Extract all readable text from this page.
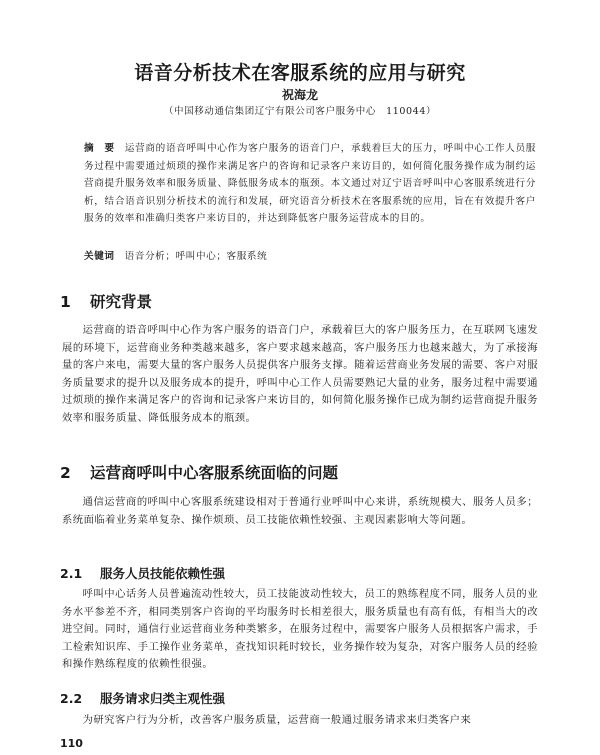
语音分析技术在客服系统的应用与研究

祝海龙

（中国移动通信集团辽宁有限公司客户服务中心　110044）

摘　要 运营商的语音呼叫中心作为客户服务的语音门户，承载着巨大的压力，呼叫中心工作人员服务过程中需要通过烦琐的操作来满足客户的咨询和记录客户来访目的，如何简化服务操作成为制约运营商提升服务效率和服务质量、降低服务成本的瓶颈。本文通过对辽宁语音呼叫中心客服系统进行分析，结合语音识别分析技术的流行和发展，研究语音分析技术在客服系统的应用，旨在有效提升客户服务的效率和准确归类客户来访目的，并达到降低客户服务运营成本的目的。

关键词 语音分析；呼叫中心；客服系统

1 研究背景

运营商的语音呼叫中心作为客户服务的语音门户，承载着巨大的客户服务压力，在互联网飞速发展的环境下，运营商业务种类越来越多，客户要求越来越高，客户服务压力也越来越大，为了承接海量的客户来电，需要大量的客户服务人员提供客户服务支撑。随着运营商业务发展的需要、客户对服务质量要求的提升以及服务成本的提升，呼叫中心工作人员需要熟记大量的业务，服务过程中需要通过烦琐的操作来满足客户的咨询和记录客户来访目的，如何简化服务操作已成为制约运营商提升服务效率和服务质量、降低服务成本的瓶颈。

2 运营商呼叫中心客服系统面临的问题

通信运营商的呼叫中心客服系统建设相对于普通行业呼叫中心来讲，系统规模大、服务人员多；系统面临着业务菜单复杂、操作烦琐、员工技能依赖性较强、主观因素影响大等问题。

2.1 服务人员技能依赖性强

呼叫中心话务人员普遍流动性较大，员工技能波动性较大，员工的熟练程度不同，服务人员的业务水平参差不齐，相同类别客户咨询的平均服务时长相差很大，服务质量也有高有低，有相当大的改进空间。同时，通信行业运营商业务种类繁多，在服务过程中，需要客户服务人员根据客户需求，手工检索知识库、手工操作业务菜单，查找知识耗时较长，业务操作较为复杂，对客户服务人员的经验和操作熟练程度的依赖性很强。

2.2 服务请求归类主观性强

为研究客户行为分析，改善客户服务质量，运营商一般通过服务请求来归类客户来

110
